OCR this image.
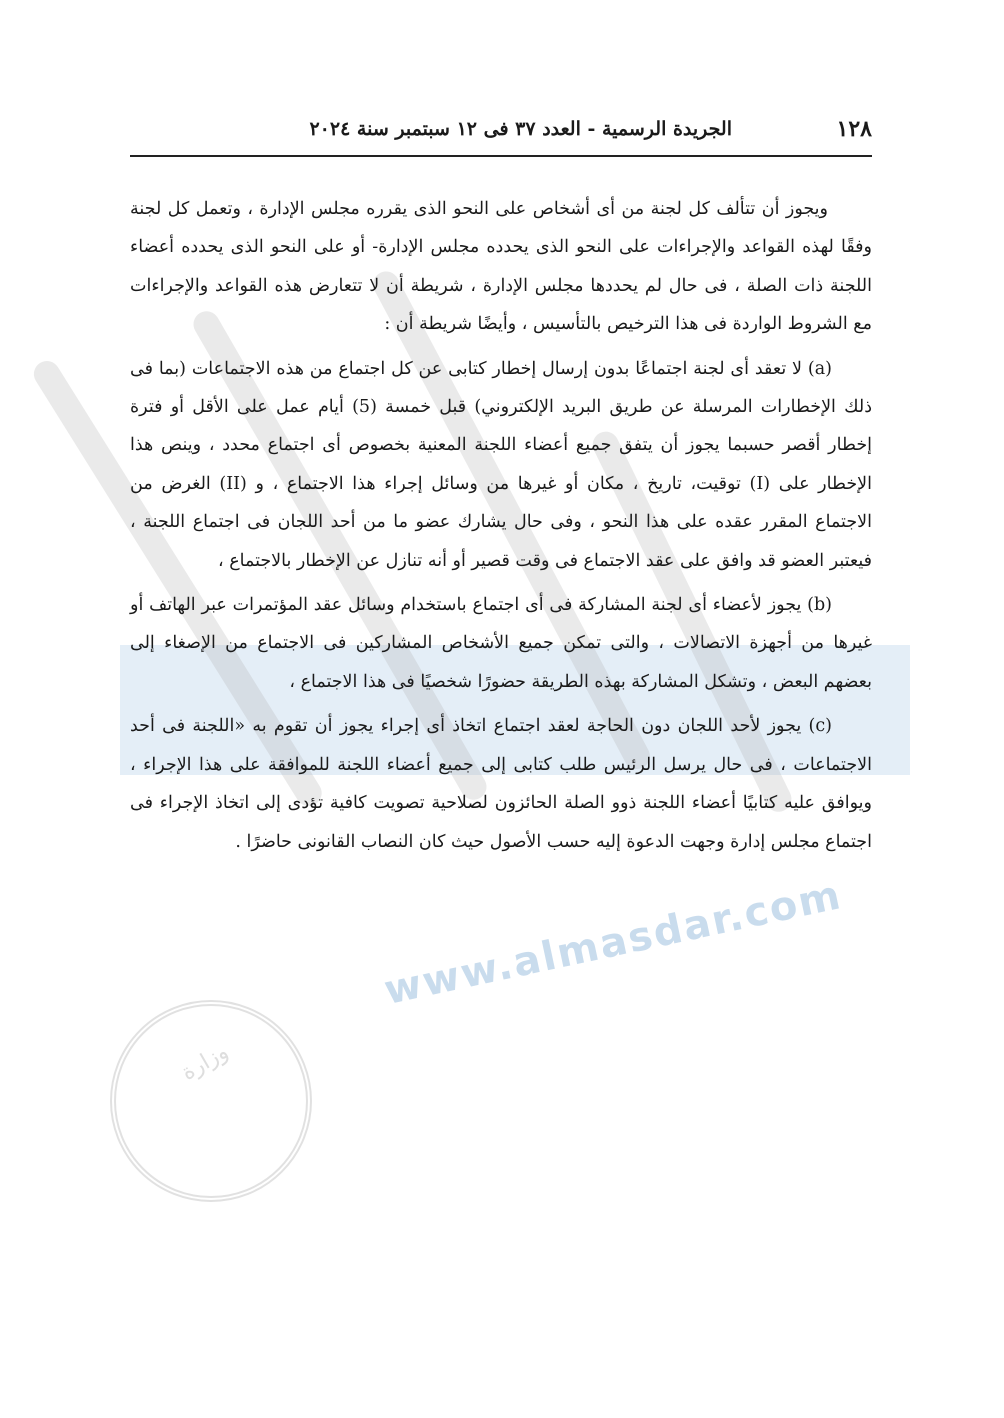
www.almasdar.com
وزارة
١٢٨
الجريدة الرسمية - العدد ٣٧ فى ١٢ سبتمبر سنة ٢٠٢٤

ويجوز أن تتألف كل لجنة من أى أشخاص على النحو الذى يقرره مجلس الإدارة ، وتعمل كل لجنة وفقًا لهذه القواعد والإجراءات على النحو الذى يحدده مجلس الإدارة- أو على النحو الذى يحدده أعضاء اللجنة ذات الصلة ، فى حال لم يحددها مجلس الإدارة ، شريطة أن لا تتعارض هذه القواعد والإجراءات مع الشروط الواردة فى هذا الترخيص بالتأسيس ، وأيضًا شريطة أن :

(a) لا تعقد أى لجنة اجتماعًا بدون إرسال إخطار كتابى عن كل اجتماع من هذه الاجتماعات (بما فى ذلك الإخطارات المرسلة عن طريق البريد الإلكتروني) قبل خمسة (5) أيام عمل على الأقل أو فترة إخطار أقصر حسبما يجوز أن يتفق جميع أعضاء اللجنة المعنية بخصوص أى اجتماع محدد ، وينص هذا الإخطار على (I) توقيت، تاريخ ، مكان أو غيرها من وسائل إجراء هذا الاجتماع ، و (II) الغرض من الاجتماع المقرر عقده على هذا النحو ، وفى حال يشارك عضو ما من أحد اللجان فى اجتماع اللجنة ، فيعتبر العضو قد وافق على عقد الاجتماع فى وقت قصير أو أنه تنازل عن الإخطار بالاجتماع ،

(b) يجوز لأعضاء أى لجنة المشاركة فى أى اجتماع باستخدام وسائل عقد المؤتمرات عبر الهاتف أو غيرها من أجهزة الاتصالات ، والتى تمكن جميع الأشخاص المشاركين فى الاجتماع من الإصغاء إلى بعضهم البعض ، وتشكل المشاركة بهذه الطريقة حضورًا شخصيًا فى هذا الاجتماع ،

(c) يجوز لأحد اللجان دون الحاجة لعقد اجتماع اتخاذ أى إجراء يجوز أن تقوم به «اللجنة فى أحد الاجتماعات ، فى حال يرسل الرئيس طلب كتابى إلى جميع أعضاء اللجنة للموافقة على هذا الإجراء ، ويوافق عليه كتابيًا أعضاء اللجنة ذوو الصلة الحائزون لصلاحية تصويت كافية تؤدى إلى اتخاذ الإجراء فى اجتماع مجلس إدارة وجهت الدعوة إليه حسب الأصول حيث كان النصاب القانونى حاضرًا .
